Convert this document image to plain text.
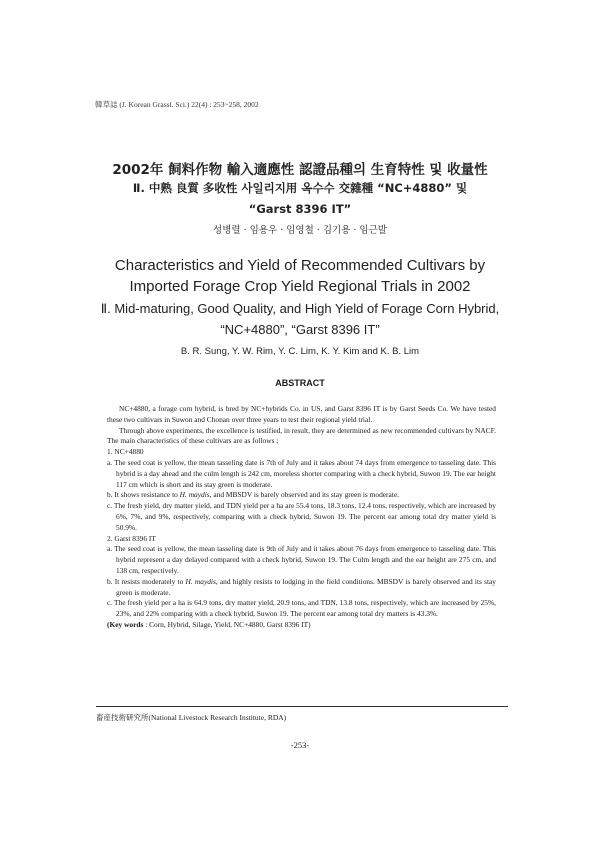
韓草誌 (J. Korean Grassl. Sci.) 22(4) : 253~258, 2002
2002年 飼料作物 輸入適應性 認證品種의 生育特性 및 收量性
Ⅱ. 中熟 良質 多收性 사일리지用 옥수수 交雜種 “NC+4880” 및
“Garst 8396 IT”
성병렬 · 임용우 · 임영철 · 김기용 · 임근발
Characteristics and Yield of Recommended Cultivars by
Imported Forage Crop Yield Regional Trials in 2002
Ⅱ. Mid-maturing, Good Quality, and High Yield of Forage Corn Hybrid,
“NC+4880”, “Garst 8396 IT”
B. R. Sung, Y. W. Rim, Y. C. Lim, K. Y. Kim and K. B. Lim
ABSTRACT

NC+4880, a forage corn hybrid, is bred by NC+hybrids Co. in US, and Garst 8396 IT is by Garst Seeds Co. We have tested these two cultivars in Suwon and Chonan over three years to test their regional yield trial.

Through above experiments, the excellence is testified, in result, they are determined as new recommended cultivars by NACF. The main characteristics of these cultivars are as follows ;

1. NC+4880

a. The seed coat is yellow, the mean tasseling date is 7th of July and it takes about 74 days from emergence to tasseling date. This hybrid is a day ahead and the culm length is 242 cm, moreless shorter comparing with a check hybrid, Suwon 19. The ear height 117 cm which is short and its stay green is moderate.

b. It shows resistance to H. maydis, and MBSDV is barely observed and its stay green is moderate.

c. The fresh yield, dry matter yield, and TDN yield per a ha are 55.4 tons, 18.3 tons, 12.4 tons, respectively, which are increased by 6%, 7%, and 9%, respectively, comparing with a check hybrid, Suwon 19. The percent ear among total dry matter yield is 50.9%.

2. Garst 8396 IT

a. The seed coat is yellow, the mean tasseling date is 9th of July and it takes about 76 days from emergence to tasseling date. This hybrid represent a day delayed compared with a check hybrid, Suwon 19. The Culm length and the ear height are 275 cm, and 138 cm, respectively.

b. It resists moderately to H. maydis, and highly resists to lodging in the field conditions. MBSDV is barely observed and its stay green is moderate.

c. The fresh yield per a ha is 64.9 tons, dry matter yield, 20.9 tons, and TDN, 13.8 tons, respectively, which are increased by 25%, 23%, and 22% comparing with a check hybrid, Suwon 19. The percent ear among total dry matters is 43.3%.

(Key words : Corn, Hybrid, Silage, Yield, NC+4880, Garst 8396 IT)

畜産技術研究所(National Livestock Research Institute, RDA)
-253-
